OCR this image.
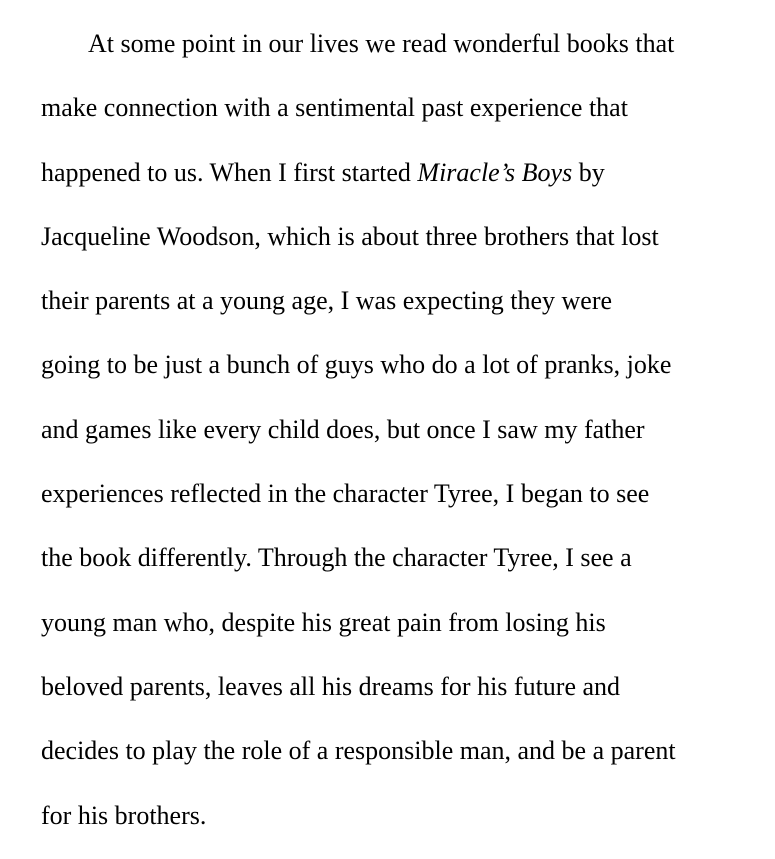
At some point in our lives we read wonderful books that
make connection with a sentimental past experience that
happened to us. When I first started Miracle’s Boys by
Jacqueline Woodson, which is about three brothers that lost
their parents at a young age, I was expecting they were
going to be just a bunch of guys who do a lot of pranks, joke
and games like every child does, but once I saw my father
experiences reflected in the character Tyree, I began to see
the book differently. Through the character Tyree, I see a
young man who, despite his great pain from losing his
beloved parents, leaves all his dreams for his future and
decides to play the role of a responsible man, and be a parent
for his brothers.
